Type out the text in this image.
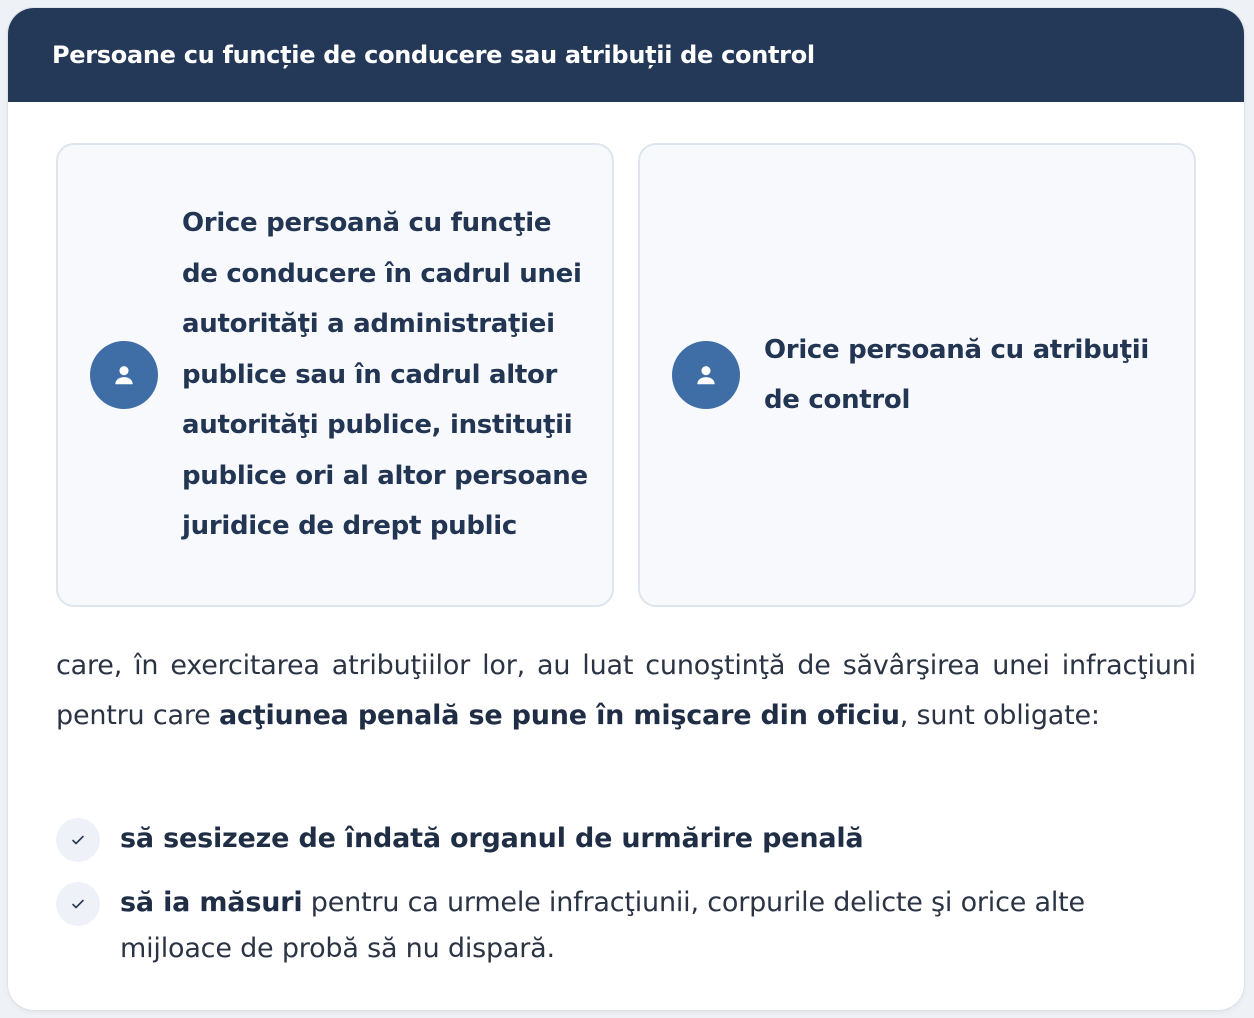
Persoane cu funcție de conducere sau atribuții de control
Orice persoană cu funcţie de conducere în cadrul unei autorităţi a administraţiei publice sau în cadrul altor autorităţi publice, instituţii publice ori al altor persoane juridice de drept public
Orice persoană cu atribuţii de control

care, în exercitarea atribuţiilor lor, au luat cunoştinţă de săvârşirea unei infracţiuni pentru care acţiunea penală se pune în mişcare din oficiu, sunt obligate:

să sesizeze de îndată organul de urmărire penală
să ia măsuri pentru ca urmele infracţiunii, corpurile delicte şi orice alte mijloace de probă să nu dispară.
